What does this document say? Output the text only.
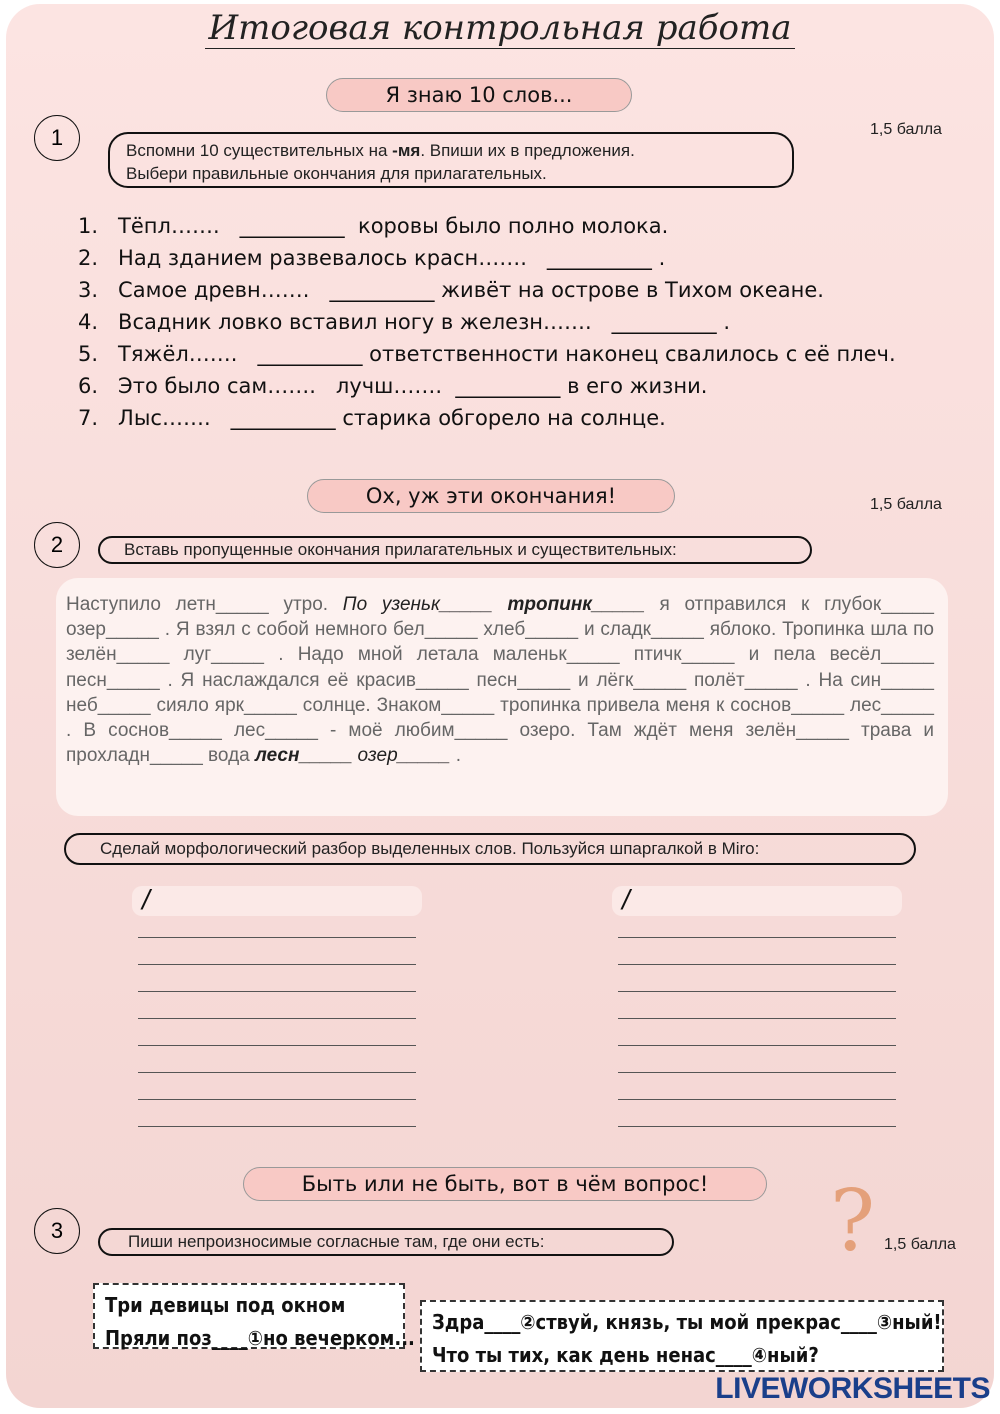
Итоговая контрольная работа
Я знаю 10 слов...
1	1,5 балла
Вспомни 10 существительных на -мя. Впиши их в предложения.
Выбери правильные окончания для прилагательных.
1.   Тёпл…….   __________  коровы было полно молока.
2.   Над зданием развевалось красн…….   __________ .
3.   Самое древн…….   __________ живёт на острове в Тихом океане.
4.   Всадник ловко вставил ногу в железн…….   __________ .
5.   Тяжёл…….   __________ ответственности наконец свалилось с её плеч.
6.   Это было сам…….   лучш…….  __________ в его жизни.
7.   Лыс…….   __________ старика обгорело на солнце.
Ох, уж эти окончания!	1,5 балла
2	Вставь пропущенные окончания прилагательных и существительных:
Наступило летн_____ утро. По узеньк_____ тропинк_____ я отправился к глубок_____ озер_____ . Я взял с собой немного бел_____ хлеб_____ и сладк_____ яблоко. Тропинка шла по зелён_____ луг_____ . Надо мной летала маленьк_____ птичк_____ и пела весёл_____ песн_____ . Я наслаждался её красив_____ песн_____ и лёгк_____ полёт_____ . На син_____ неб_____ сияло ярк_____ солнце. Знаком_____ тропинка привела меня к соснов_____ лес_____ . В соснов_____ лес_____ - моё любим_____ озеро. Там ждёт меня зелён_____ трава и прохладн_____ вода лесн_____ озер_____ .
Сделай морфологический разбор выделенных слов. Пользуйся шпаргалкой в Miro:
/	/
Быть или не быть, вот в чём вопрос!	?
3
1,5 балла
Пиши непроизносимые согласные там, где они есть:
Три девицы под окном
Пряли поз____①но вечерком...
Здра____②ствуй, князь, ты мой прекрас____③ный!
Что ты тих, как день ненас____④ный?
LIVEWORKSHEETS
